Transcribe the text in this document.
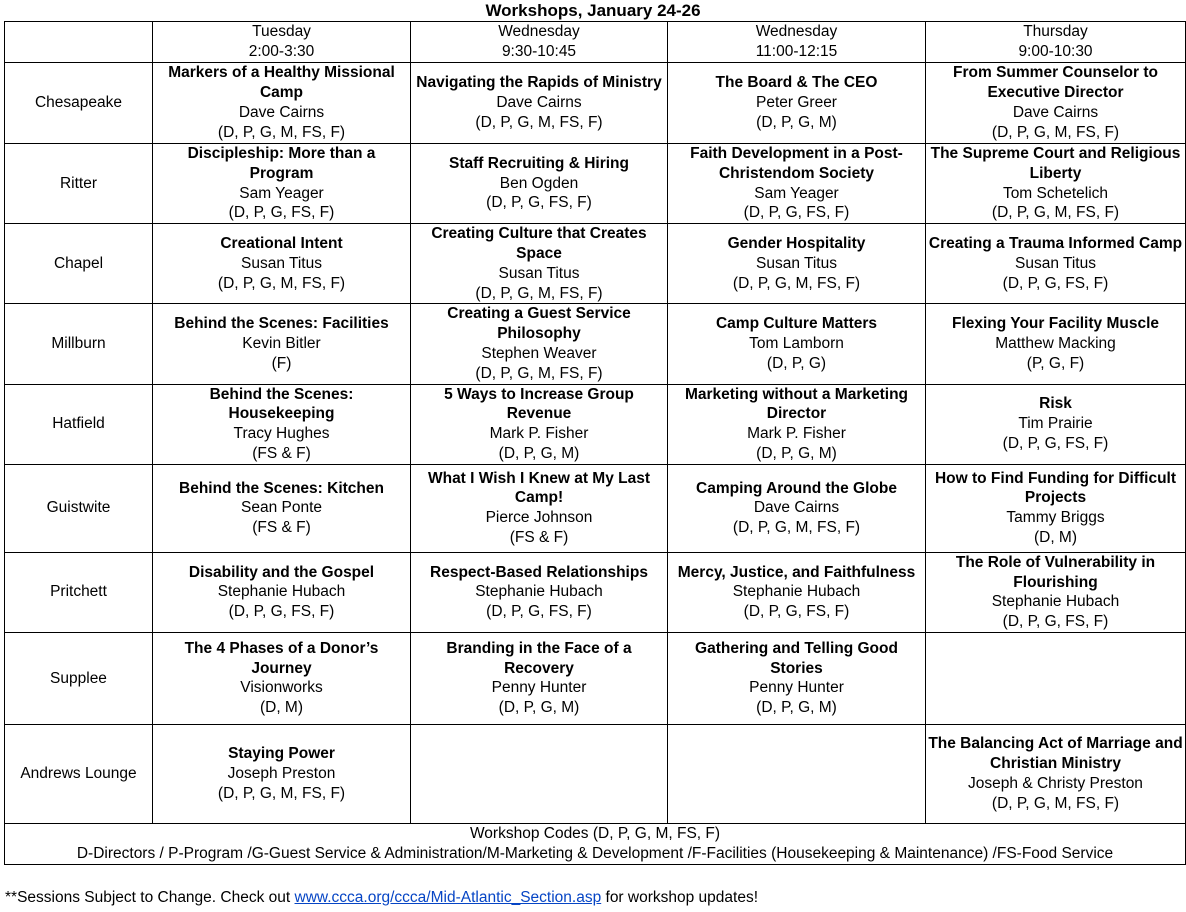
Workshops, January 24-26
	Tuesday
2:00-3:30	Wednesday
9:30-10:45	Wednesday
11:00-12:15	Thursday
9:00-10:30
Chesapeake	Markers of a Healthy Missional Camp
Dave Cairns
(D, P, G, M, FS, F)	Navigating the Rapids of Ministry
Dave Cairns
(D, P, G, M, FS, F)	The Board & The CEO
Peter Greer
(D, P, G, M)	From Summer Counselor to Executive Director
Dave Cairns
(D, P, G, M, FS, F)

Ritter	Discipleship: More than a Program
Sam Yeager
(D, P, G, FS, F)	Staff Recruiting & Hiring
Ben Ogden
(D, P, G, FS, F)	Faith Development in a Post-Christendom Society
Sam Yeager
(D, P, G, FS, F)	The Supreme Court and Religious Liberty
Tom Schetelich
(D, P, G, M, FS, F)

Chapel	Creational Intent
Susan Titus
(D, P, G, M, FS, F)	Creating Culture that Creates Space
Susan Titus
(D, P, G, M, FS, F)	Gender Hospitality
Susan Titus
(D, P, G, M, FS, F)	Creating a Trauma Informed Camp
Susan Titus
(D, P, G, FS, F)

Millburn	Behind the Scenes: Facilities
Kevin Bitler
(F)	Creating a Guest Service Philosophy
Stephen Weaver
(D, P, G, M, FS, F)	Camp Culture Matters
Tom Lamborn
(D, P, G)	Flexing Your Facility Muscle
Matthew Macking
(P, G, F)

Hatfield	Behind the Scenes: Housekeeping
Tracy Hughes
(FS & F)	5 Ways to Increase Group Revenue
Mark P. Fisher
(D, P, G, M)	Marketing without a Marketing Director
Mark P. Fisher
(D, P, G, M)	Risk
Tim Prairie
(D, P, G, FS, F)

Guistwite	Behind the Scenes: Kitchen
Sean Ponte
(FS & F)	What I Wish I Knew at My Last Camp!
Pierce Johnson
(FS & F)	Camping Around the Globe
Dave Cairns
(D, P, G, M, FS, F)	How to Find Funding for Difficult Projects
Tammy Briggs
(D, M)

Pritchett	Disability and the Gospel
Stephanie Hubach
(D, P, G, FS, F)	Respect-Based Relationships
Stephanie Hubach
(D, P, G, FS, F)	Mercy, Justice, and Faithfulness
Stephanie Hubach
(D, P, G, FS, F)	The Role of Vulnerability in Flourishing
Stephanie Hubach
(D, P, G, FS, F)

Supplee	The 4 Phases of a Donor’s Journey
Visionworks
(D, M)	Branding in the Face of a Recovery
Penny Hunter
(D, P, G, M)	Gathering and Telling Good Stories
Penny Hunter
(D, P, G, M)	

Andrews Lounge	Staying Power
Joseph Preston
(D, P, G, M, FS, F)			The Balancing Act of Marriage and Christian Ministry
Joseph & Christy Preston
(D, P, G, M, FS, F)

Workshop Codes (D, P, G, M, FS, F)
D-Directors / P-Program /G-Guest Service & Administration/M-Marketing & Development /F-Facilities (Housekeeping & Maintenance) /FS-Food Service				
**Sessions Subject to Change. Check out www.ccca.org/ccca/Mid-Atlantic_Section.asp for workshop updates!
